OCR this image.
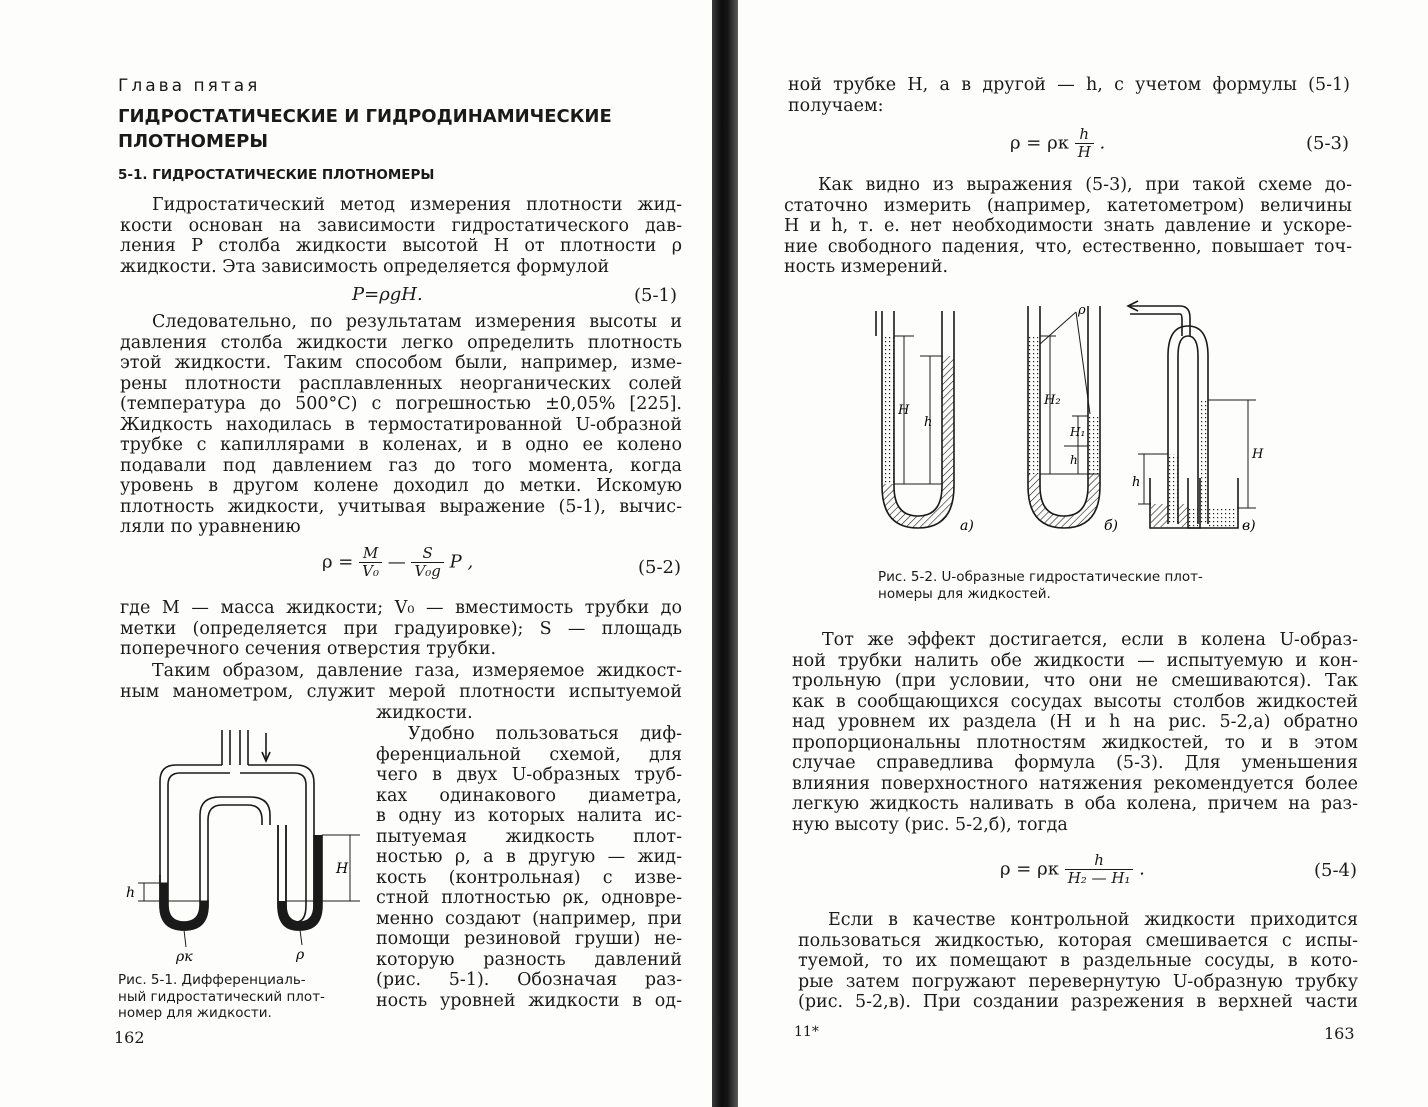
Глава пятая
ГИДРОСТАТИЧЕСКИЕ И ГИДРОДИНАМИЧЕСКИЕ
ПЛОТНОМЕРЫ
5-1. ГИДРОСТАТИЧЕСКИЕ ПЛОТНОМЕРЫ
Гидростатический метод измерения плотности жид-
кости основан на зависимости гидростатического дав-
ления P столба жидкости высотой H от плотности ρ
жидкости. Эта зависимость определяется формулой
P=ρgH.	(5-1)
Следовательно, по результатам измерения высоты и
давления столба жидкости легко определить плотность
этой жидкости. Таким способом были, например, изме-
рены плотности расплавленных неорганических солей
(температура до 500°С) с погрешностью ±0,05% [225].
Жидкость находилась в термостатированной U-образной
трубке с капиллярами в коленах, и в одно ее колено
подавали под давлением газ до того момента, когда
уровень в другом колене доходил до метки. Искомую
плотность жидкости, учитывая выражение (5-1), вычис-
ляли по уравнению
$\rho = \frac{M}{\text{V₀}}$ — $\frac{S}{\text{V₀g}}$ P ,	(5-2)
где M — масса жидкости; V₀ — вместимость трубки до
метки (определяется при градуировке); S — площадь
поперечного сечения отверстия трубки.
Таким образом, давление газа, измеряемое жидкост-
ным манометром, служит мерой плотности испытуемой
жидкости.
Удобно пользоваться диф-
ференциальной схемой, для
чего в двух U-образных труб-
ках одинакового диаметра,
в одну из которых налита ис-
пытуемая жидкость плот-
ностью ρ, а в другую — жид-
кость (контрольная) с изве-
стной плотностью ρк, одновре-
менно создают (например, при
помощи резиновой груши) не-
которую разность давлений
(рис. 5-1). Обозначая раз-
ность уровней жидкости в од-
h
H
ρк	ρ
Рис. 5-1. Дифференциаль-
ный гидростатический плот-
номер для жидкости.
162
ной трубке H, а в другой — h, с учетом формулы (5-1)
получаем:
ρ = ρк $\frac{h}{H}$ .	(5-3)
Как видно из выражения (5-3), при такой схеме до-
статочно измерить (например, катетометром) величины
H и h, т. е. нет необходимости знать давление и ускоре-
ние свободного падения, что, естественно, повышает точ-
ность измерений.
H
h
а)
ρ
H₂
H₁
h
б)
h
H
в)
Рис. 5-2. U-образные гидростатические плот-
номеры для жидкостей.
Тот же эффект достигается, если в колена U-образ-
ной трубки налить обе жидкости — испытуемую и кон-
трольную (при условии, что они не смешиваются). Так
как в сообщающихся сосудах высоты столбов жидкостей
над уровнем их раздела (H и h на рис. 5-2,а) обратно
пропорциональны плотностям жидкостей, то и в этом
случае справедлива формула (5-3). Для уменьшения
влияния поверхностного натяжения рекомендуется более
легкую жидкость наливать в оба колена, причем на раз-
ную высоту (рис. 5-2,б), тогда
ρ = ρк $\frac{h}{\text{H₂ — H₁}}$ .	(5-4)
Если в качестве контрольной жидкости приходится
пользоваться жидкостью, которая смешивается с испы-
туемой, то их помещают в раздельные сосуды, в кото-
рые затем погружают перевернутую U-образную трубку
(рис. 5-2,в). При создании разрежения в верхней части
11*	163
